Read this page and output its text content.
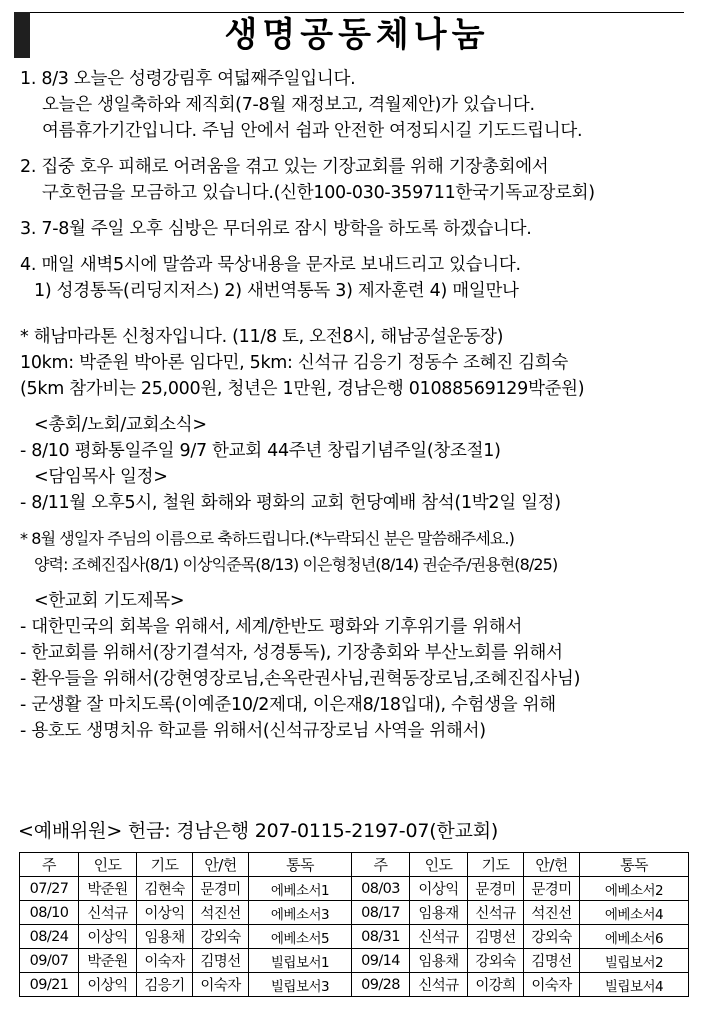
생명공동체나눔
1. 8/3 오늘은 성령강림후 여덟째주일입니다.
오늘은 생일축하와 제직회(7-8월 재정보고, 격월제안)가 있습니다.
여름휴가기간입니다. 주님 안에서 쉼과 안전한 여정되시길 기도드립니다.
2. 집중 호우 피해로 어려움을 겪고 있는 기장교회를 위해 기장총회에서
구호헌금을 모금하고 있습니다.(신한100-030-359711한국기독교장로회)
3. 7-8월 주일 오후 심방은 무더위로 잠시 방학을 하도록 하겠습니다.
4. 매일 새벽5시에 말씀과 묵상내용을 문자로 보내드리고 있습니다.
1) 성경통독(리딩지저스) 2) 새번역통독 3) 제자훈련 4) 매일만나
* 해남마라톤 신청자입니다. (11/8 토, 오전8시, 해남공설운동장)
10km: 박준원 박아론 임다민, 5km: 신석규 김응기 정동수 조혜진 김희숙
(5km 참가비는 25,000원, 청년은 1만원, 경남은행 01088569129박준원)
<총회/노회/교회소식>
- 8/10 평화통일주일 9/7 한교회 44주년 창립기념주일(창조절1)
<담임목사 일정>
- 8/11월 오후5시, 철원 화해와 평화의 교회 헌당예배 참석(1박2일 일정)
* 8월 생일자 주님의 이름으로 축하드립니다.(*누락되신 분은 말씀해주세요.)
양력: 조혜진집사(8/1) 이상익준목(8/13) 이은형청년(8/14) 권순주/권용현(8/25)
<한교회 기도제목>
- 대한민국의 회복을 위해서, 세계/한반도 평화와 기후위기를 위해서
- 한교회를 위해서(장기결석자, 성경통독), 기장총회와 부산노회를 위해서
- 환우들을 위해서(강현영장로님,손옥란권사님,권혁동장로님,조혜진집사님)
- 군생활 잘 마치도록(이예준10/2제대, 이은재8/18입대), 수험생을 위해
- 용호도 생명치유 학교를 위해서(신석규장로님 사역을 위해서)
<예배위원> 헌금: 경남은행 207-0115-2197-07(한교회)
주	인도	기도	안/헌	통독	주	인도	기도	안/헌	통독
07/27	박준원	김현숙	문경미	에베소서1	08/03	이상익	문경미	문경미	에베소서2
08/10	신석규	이상익	석진선	에베소서3	08/17	임용재	신석규	석진선	에베소서4
08/24	이상익	임용채	강외숙	에베소서5	08/31	신석규	김명선	강외숙	에베소서6
09/07	박준원	이숙자	김명선	빌립보서1	09/14	임용채	강외숙	김명선	빌립보서2
09/21	이상익	김응기	이숙자	빌립보서3	09/28	신석규	이강희	이숙자	빌립보서4
